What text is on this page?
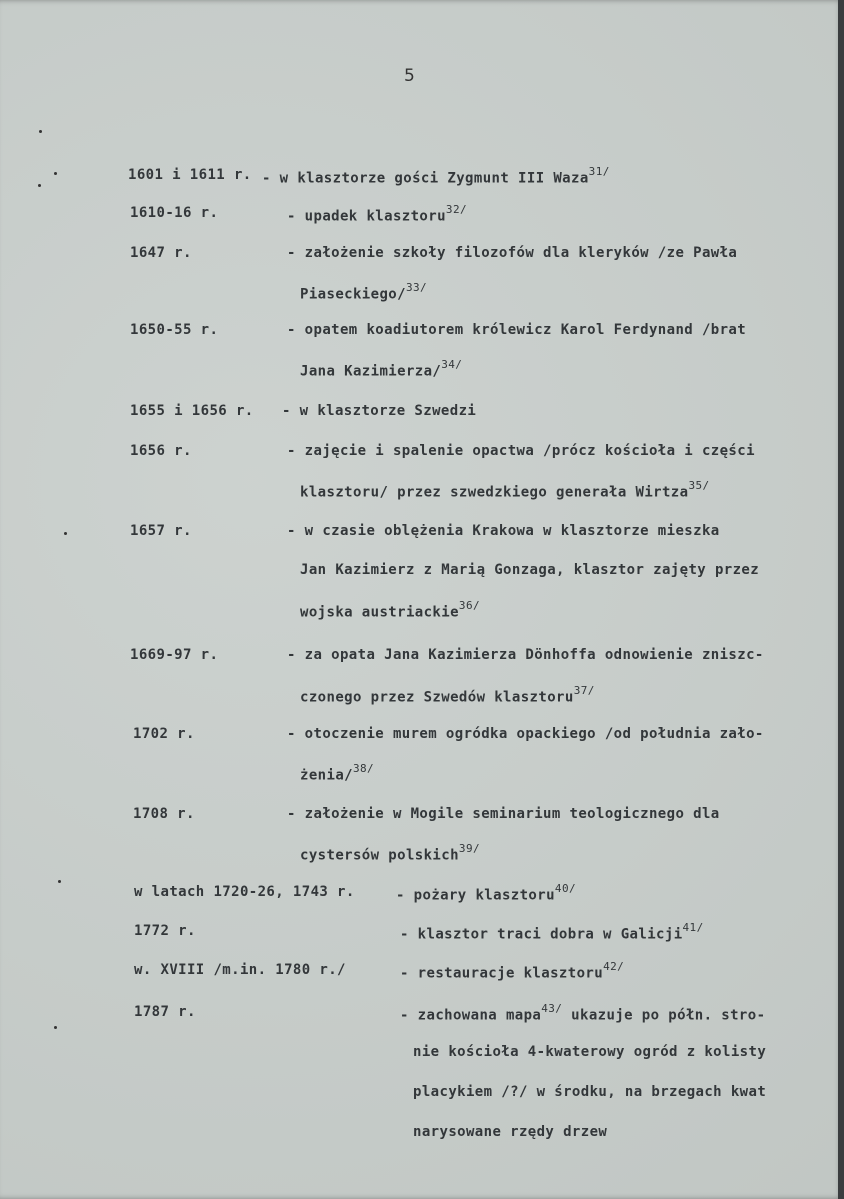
5
1601 i 1611 r. - w klasztorze gości Zygmunt III Waza$^{31/}$
1610-16 r.	- upadek klasztoru$^{32/}$
1647 r.	- założenie szkoły filozofów dla kleryków /ze Pawła
Piaseckiego/$^{33/}$
1650-55 r.	- opatem koadiutorem królewicz Karol Ferdynand /brat
Jana Kazimierza/$^{34/}$
1655 i 1656 r. - w klasztorze Szwedzi
1656 r.	- zajęcie i spalenie opactwa /prócz kościoła i części
klasztoru/ przez szwedzkiego generała Wirtza$^{35/}$
1657 r.	- w czasie oblężenia Krakowa w klasztorze mieszka
Jan Kazimierz z Marią Gonzaga, klasztor zajęty przez
wojska austriackie$^{36/}$
1669-97 r.	- za opata Jana Kazimierza Dönhoffa odnowienie zniszc-
czonego przez Szwedów klasztoru$^{37/}$
1702 r.	- otoczenie murem ogródka opackiego /od południa zało-
żenia/$^{38/}$
1708 r.	- założenie w Mogile seminarium teologicznego dla
cystersów polskich$^{39/}$
w latach 1720-26, 1743 r.	- pożary klasztoru$^{40/}$
1772 r.	- klasztor traci dobra w Galicji$^{41/}$
w. XVIII /m.in. 1780 r./	- restauracje klasztoru$^{42/}$
1787 r.	- zachowana mapa$^{43/}$ ukazuje po półn. stro-
nie kościoła 4-kwaterowy ogród z kolisty
placykiem /?/ w środku, na brzegach kwat
narysowane rzędy drzew
